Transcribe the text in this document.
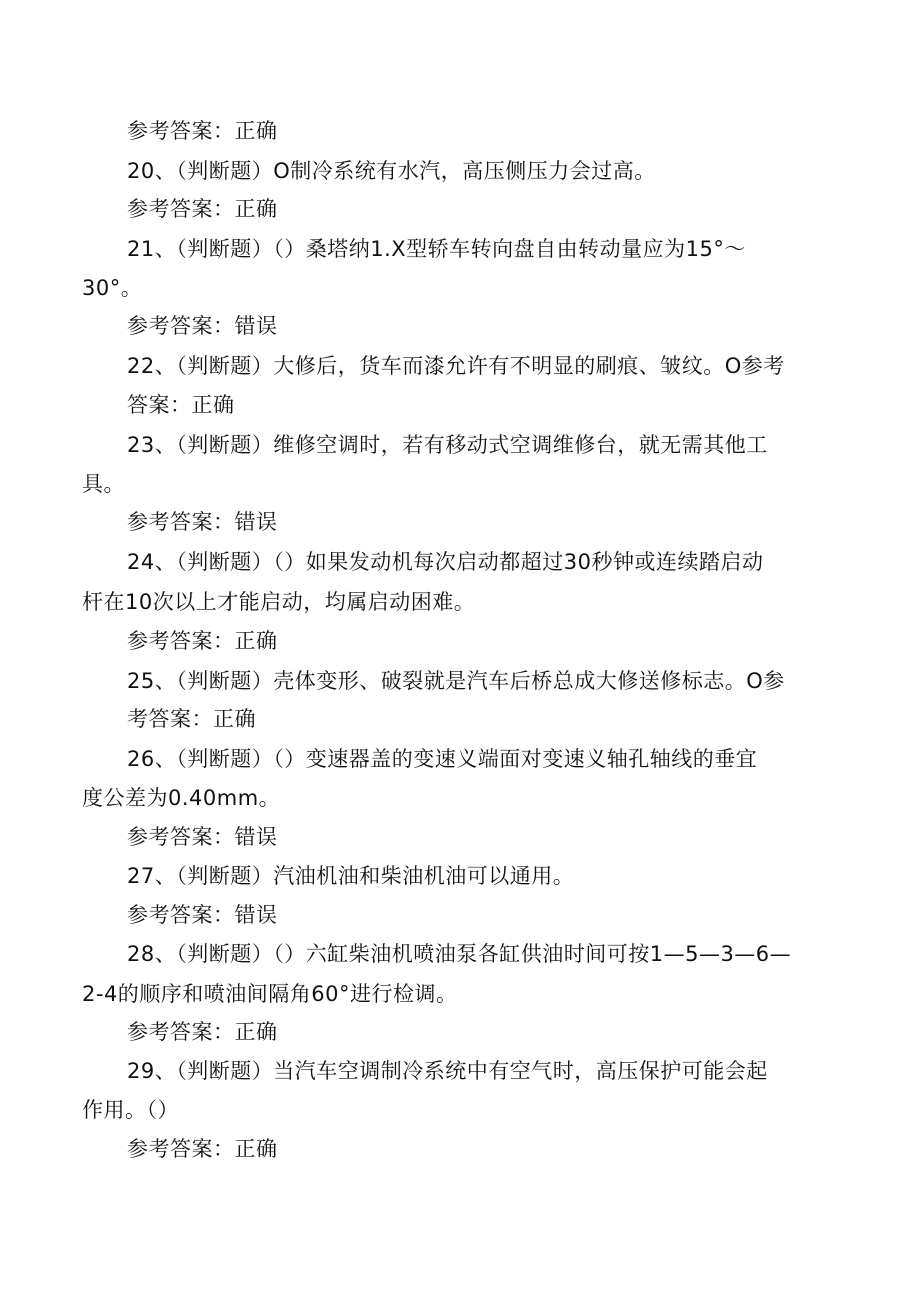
参考答案：正确
20、（判断题）O制冷系统有水汽，高压侧压力会过高。
参考答案：正确
21、（判断题）（）桑塔纳1.X型轿车转向盘自由转动量应为15°～
30°。
参考答案：错误
22、（判断题）大修后，货车而漆允许有不明显的刷痕、皱纹。O参考
答案：正确
23、（判断题）维修空调时，若有移动式空调维修台，就无需其他工
具。
参考答案：错误
24、（判断题）（）如果发动机每次启动都超过30秒钟或连续踏启动
杆在10次以上才能启动，均属启动困难。
参考答案：正确
25、（判断题）壳体变形、破裂就是汽车后桥总成大修送修标志。O参
考答案：正确
26、（判断题）（）变速器盖的变速义端面对变速义轴孔轴线的垂宜
度公差为0.40mm。
参考答案：错误
27、（判断题）汽油机油和柴油机油可以通用。
参考答案：错误
28、（判断题）（）六缸柴油机喷油泵各缸供油时间可按1—5—3—6—
2-4的顺序和喷油间隔角60°进行检调。
参考答案：正确
29、（判断题）当汽车空调制冷系统中有空气时，高压保护可能会起
作用。（）
参考答案：正确
